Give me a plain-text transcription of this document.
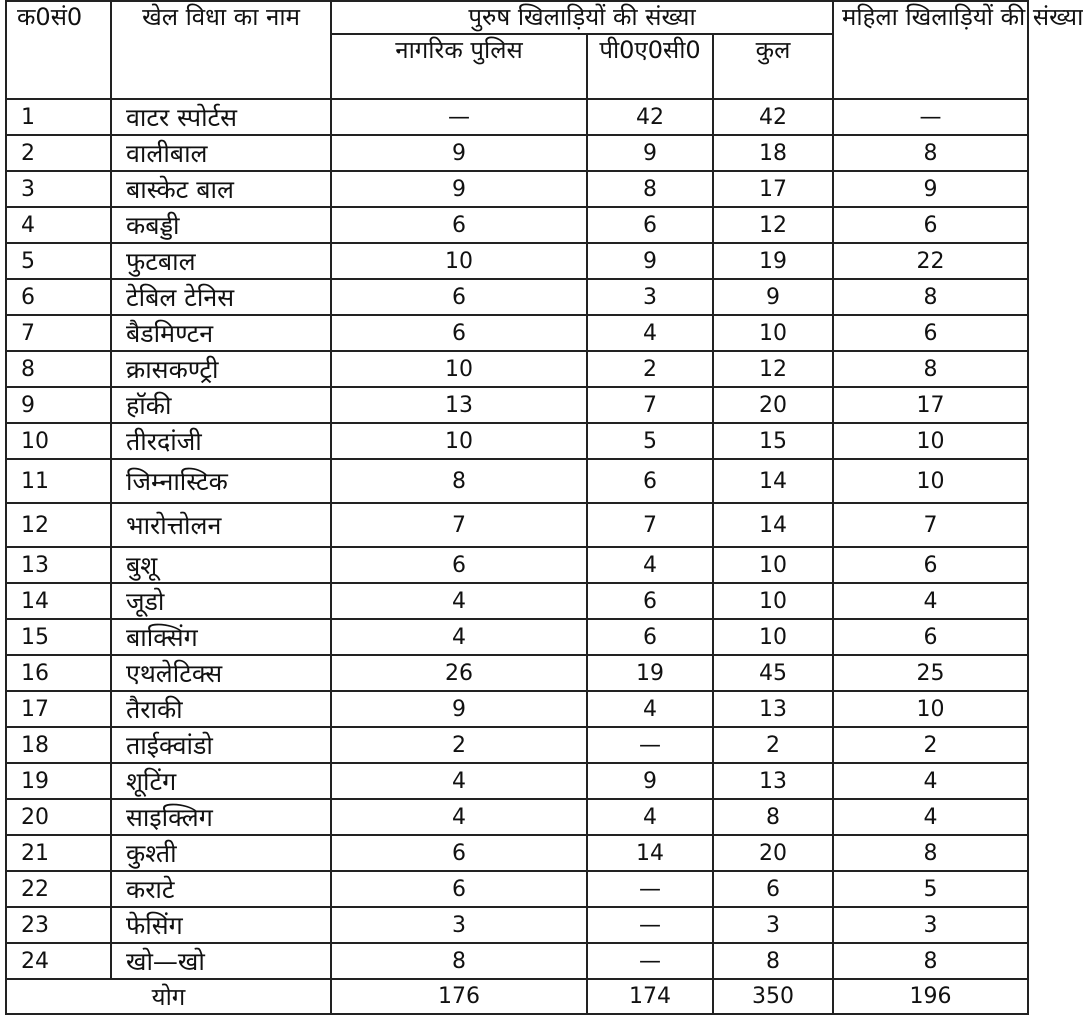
क0सं0	खेल विधा का नाम	पुरुष खिलाड़ियों की संख्या			महिला खिलाड़ियों की संख्या
		नागरिक पुलिस	पी0ए0सी0	कुल	
1	वाटर स्पोर्टस	—	42	42	—
2	वालीबाल	9	9	18	8
3	बास्केट बाल	9	8	17	9
4	कबड्डी	6	6	12	6
5	फुटबाल	10	9	19	22
6	टेबिल टेनिस	6	3	9	8
7	बैडमिण्टन	6	4	10	6
8	क्रासकण्ट्री	10	2	12	8
9	हॉकी	13	7	20	17
10	तीरदांजी	10	5	15	10
11	जिम्नास्टिक	8	6	14	10
12	भारोत्तोलन	7	7	14	7
13	बुशू	6	4	10	6
14	जूडो	4	6	10	4
15	बाक्सिंग	4	6	10	6
16	एथलेटिक्स	26	19	45	25
17	तैराकी	9	4	13	10
18	ताईक्वांडो	2	—	2	2
19	शूटिंग	4	9	13	4
20	साइक्लिग	4	4	8	4
21	कुश्ती	6	14	20	8
22	कराटे	6	—	6	5
23	फेसिंग	3	—	3	3
24	खो—खो	8	—	8	8
योग		176	174	350	196
